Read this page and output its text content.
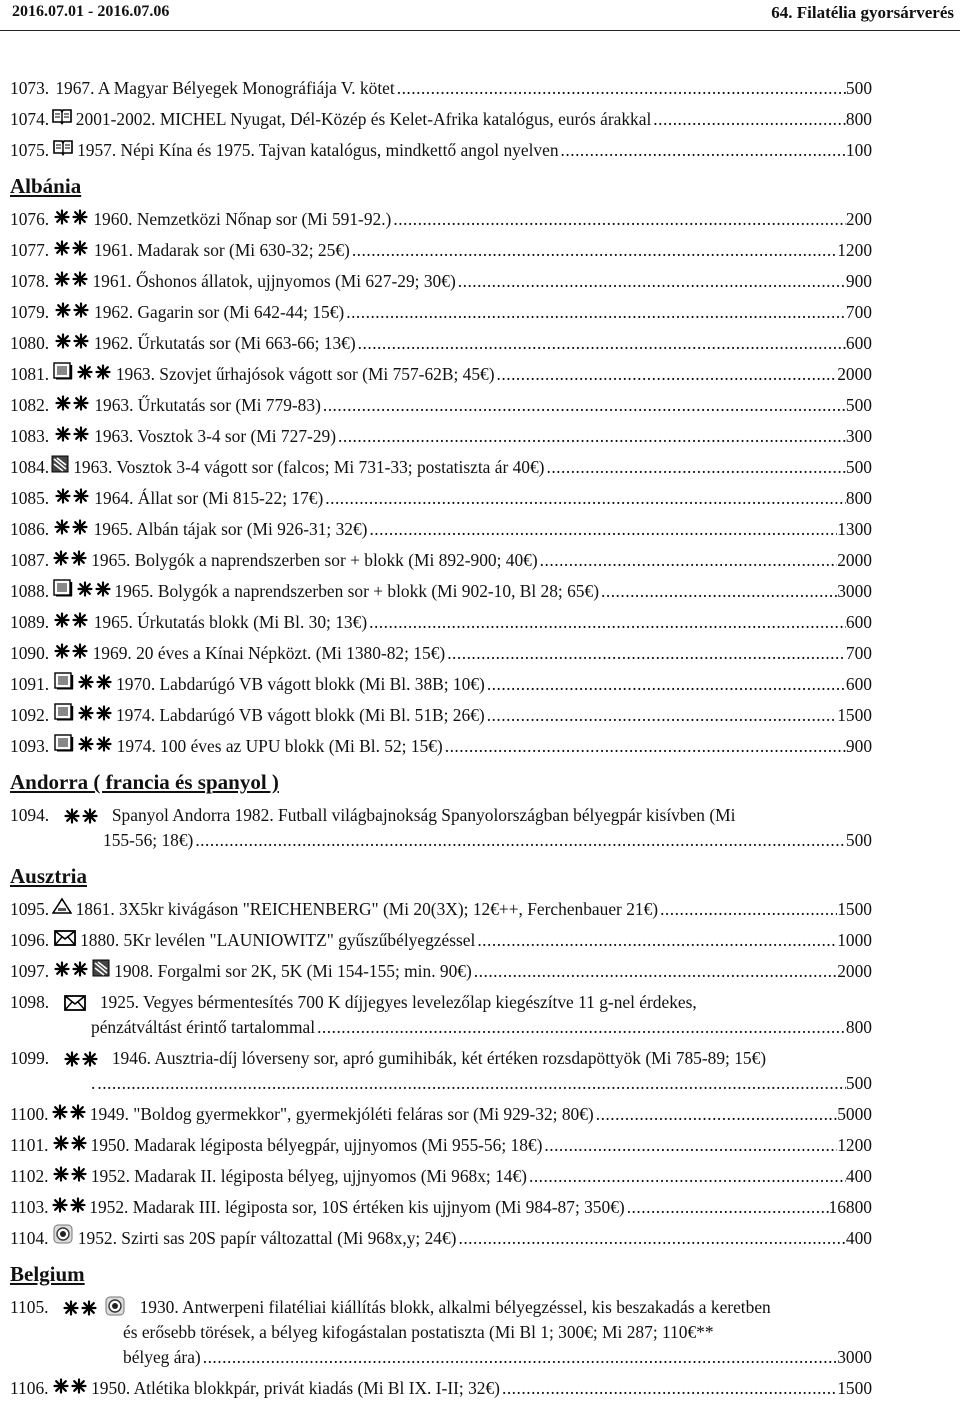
2016.07.01 - 2016.07.06	64. Filatélia gyorsárverés
1073. 1967. A Magyar Bélyegek Monográfiája V. kötet .....	500
1074. 2001-2002. MICHEL Nyugat, Dél-Közép és Kelet-Afrika katalógus, eurós árakkal .....	800
1075. 1957. Népi Kína és 1975. Tajvan katalógus, mindkettő angol nyelven .....	100
Albánia
1076.	1960. Nemzetközi Nőnap sor (Mi 591-92.) .....	200
1077.	1961. Madarak sor (Mi 630-32; 25€) .....	1200
1078. 1961. Őshonos állatok, ujjnyomos (Mi 627-29; 30€) .....	900
1079.	1962. Gagarin sor (Mi 642-44; 15€) .....	700
1080.	1962. Űrkutatás sor (Mi 663-66; 13€) .....	600
1081.	1963. Szovjet űrhajósok vágott sor (Mi 757-62B; 45€) .....	2000
1082.	1963. Űrkutatás sor (Mi 779-83) .....	500
1083.	1963. Vosztok 3-4 sor (Mi 727-29) .....	300
1084. 1963. Vosztok 3-4 vágott sor (falcos; Mi 731-33; postatiszta ár 40€) .....	500
1085.	1964. Állat sor (Mi 815-22; 17€) .....	800
1086.	1965. Albán tájak sor (Mi 926-31; 32€) .....	1300
1087. 1965. Bolygók a naprendszerben sor + blokk (Mi 892-900; 40€) .....	2000
1088.	1965. Bolygók a naprendszerben sor + blokk (Mi 902-10, Bl 28; 65€) .....	3000
1089.	1965. Úrkutatás blokk (Mi Bl. 30; 13€) .....	600
1090. 1969. 20 éves a Kínai Népközt. (Mi 1380-82; 15€) .....	700
1091.	1970. Labdarúgó VB vágott blokk (Mi Bl. 38B; 10€) .....	600
1092.	1974. Labdarúgó VB vágott blokk (Mi Bl. 51B; 26€) .....	1500
1093.	1974. 100 éves az UPU blokk (Mi Bl. 52; 15€) .....	900
Andorra ( francia és spanyol )
1094.	Spanyol Andorra 1982. Futball világbajnokság Spanyolországban bélyegpár kisívben (Mi
155-56; 18€) .....	500
Ausztria
1095. 1861. 3X5kr kivágáson "REICHENBERG" (Mi 20(3X); 12€++, Ferchenbauer 21€) .....	1500
1096. 1880. 5Kr levélen "LAUNIOWITZ" gyűszűbélyegzéssel .....	1000
1097.	1908. Forgalmi sor 2K, 5K (Mi 154-155; min. 90€) .....	2000
1098.	1925. Vegyes bérmentesítés 700 K díjjegyes levelezőlap kiegészítve 11 g-nel érdekes,
pénzátváltást érintő tartalommal .....	800
1099.	1946. Ausztria-díj lóverseny sor, apró gumihibák, két értéken rozsdapöttyök (Mi 785-89; 15€)
. .....	500
1100. 1949. "Boldog gyermekkor", gyermekjóléti feláras sor (Mi 929-32; 80€) .....	5000
1101. 1950. Madarak légiposta bélyegpár, ujjnyomos (Mi 955-56; 18€) .....	1200
1102. 1952. Madarak II. légiposta bélyeg, ujjnyomos (Mi 968x; 14€) .....	400
1103. 1952. Madarak III. légiposta sor, 10S értéken kis ujjnyom (Mi 984-87; 350€) .....	16800
1104. 1952. Szirti sas 20S papír változattal (Mi 968x,y; 24€) .....	400
Belgium
1105.
	1930. Antwerpeni filatéliai kiállítás blokk, alkalmi bélyegzéssel, kis beszakadás a keretben
és erősebb törések, a bélyeg kifogástalan postatiszta (Mi Bl 1; 300€; Mi 287; 110€**
bélyeg ára) .....	3000
1106. 1950. Atlétika blokkpár, privát kiadás (Mi Bl IX. I-II; 32€) .....	1500
